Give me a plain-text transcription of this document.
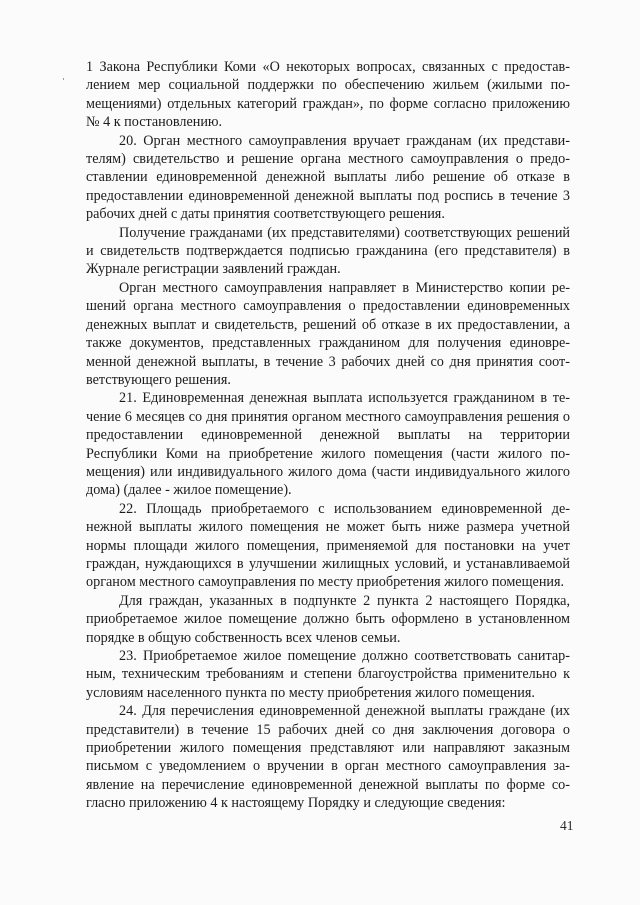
1 Закона Республики Коми «О некоторых вопросах, связанных с предоставлением мер социальной поддержки по обеспечению жильем (жилыми помещениями) отдельных категорий граждан», по форме согласно приложению № 4 к постановлению.

20. Орган местного самоуправления вручает гражданам (их представителям) свидетельство и решение органа местного самоуправления о предоставлении единовременной денежной выплаты либо решение об отказе в предоставлении единовременной денежной выплаты под роспись в течение 3 рабочих дней с даты принятия соответствующего решения.

Получение гражданами (их представителями) соответствующих решений и свидетельств подтверждается подписью гражданина (его представителя) в Журнале регистрации заявлений граждан.

Орган местного самоуправления направляет в Министерство копии решений органа местного самоуправления о предоставлении единовременных денежных выплат и свидетельств, решений об отказе в их предоставлении, а также документов, представленных гражданином для получения единовременной денежной выплаты, в течение 3 рабочих дней со дня принятия соответствующего решения.

21. Единовременная денежная выплата используется гражданином в течение 6 месяцев со дня принятия органом местного самоуправления решения о предоставлении единовременной денежной выплаты на территории Республики Коми на приобретение жилого помещения (части жилого помещения) или индивидуального жилого дома (части индивидуального жилого дома) (далее - жилое помещение).

22. Площадь приобретаемого с использованием единовременной денежной выплаты жилого помещения не может быть ниже размера учетной нормы площади жилого помещения, применяемой для постановки на учет граждан, нуждающихся в улучшении жилищных условий, и устанавливаемой органом местного самоуправления по месту приобретения жилого помещения.

Для граждан, указанных в подпункте 2 пункта 2 настоящего Порядка, приобретаемое жилое помещение должно быть оформлено в установленном порядке в общую собственность всех членов семьи.

23. Приобретаемое жилое помещение должно соответствовать санитарным, техническим требованиям и степени благоустройства применительно к условиям населенного пункта по месту приобретения жилого помещения.

24. Для перечисления единовременной денежной выплаты граждане (их представители) в течение 15 рабочих дней со дня заключения договора о приобретении жилого помещения представляют или направляют заказным письмом с уведомлением о вручении в орган местного самоуправления заявление на перечисление единовременной денежной выплаты по форме согласно приложению 4 к настоящему Порядку и следующие сведения:

41
